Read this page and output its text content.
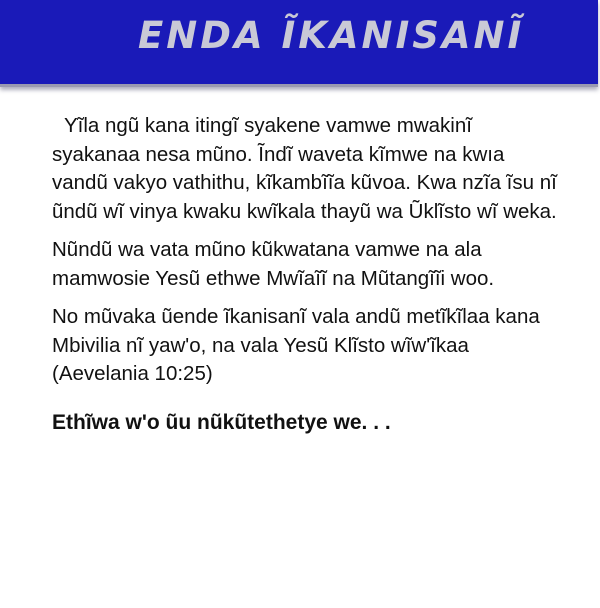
ENDA ĨKANISANĨ

Yĩla ngũ kana itingĩ syakene vamwe mwakinĩ syakanaa nesa mũno. Ĩndĩ waveta kĩmwe na kwıa vandũ vakyo vathithu, kĩkambĩĩa kũvoa. Kwa nzĩa ĩsu nĩ ũndũ wĩ vinya kwaku kwĩkala thayũ wa Ũklĩsto wĩ weka.

Nũndũ wa vata mũno kũkwatana vamwe na ala mamwosie Yesũ ethwe Mwĩaĩĩ na Mũtangĩĩi woo.

No mũvaka ũende ĩkanisanĩ vala andũ metĩkĩlaa kana Mbivilia nĩ yaw'o, na vala Yesũ Klĩsto wĩw'ĩkaa (Aevelania 10:25)

Ethĩwa w'o ũu nũkũtethetye we. . .
